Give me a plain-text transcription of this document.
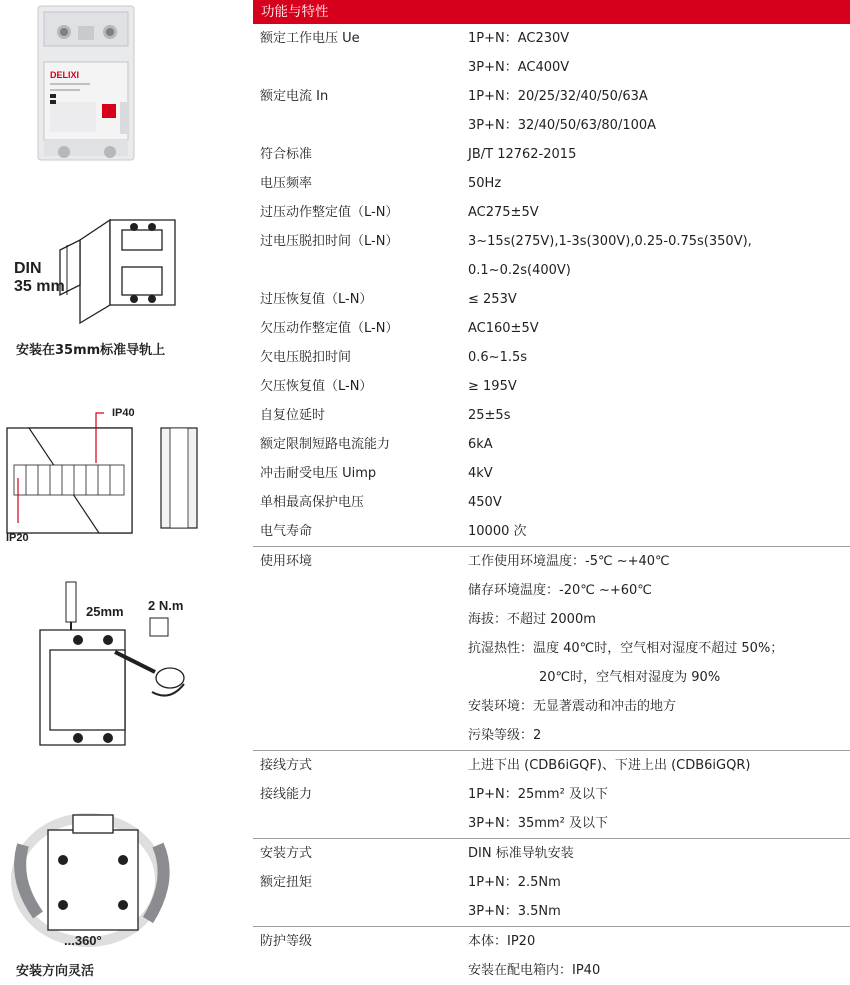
DELIXI
DIN
35 mm
安装在35mm标准导轨上
IP40
IP20
25mm 2 N.m
...360°
安装方向灵活
功能与特性
额定工作电压 Ue	1P+N：AC230V
3P+N：AC400V
额定电流 In	1P+N：20/25/32/40/50/63A
3P+N：32/40/50/63/80/100A
符合标准	JB/T 12762-2015
电压频率	50Hz
过压动作整定值（L-N）	AC275±5V
过电压脱扣时间（L-N）	3~15s(275V),1-3s(300V),0.25-0.75s(350V),
0.1~0.2s(400V)
过压恢复值（L-N）	≤ 253V
欠压动作整定值（L-N）	AC160±5V
欠电压脱扣时间	0.6~1.5s
欠压恢复值（L-N）	≥ 195V
自复位延时	25±5s
额定限制短路电流能力	6kA
冲击耐受电压 Uimp	4kV
单相最高保护电压	450V
电气寿命	10000 次
使用环境	工作使用环境温度：-5℃ ~+40℃
储存环境温度：-20℃ ~+60℃
海拔：不超过 2000m
抗湿热性：温度 40℃时，空气相对湿度不超过 50%；
20℃时，空气相对湿度为 90%
安装环境：无显著震动和冲击的地方
污染等级：2
接线方式	上进下出 (CDB6iGQF)、下进上出 (CDB6iGQR)
接线能力	1P+N：25mm² 及以下
3P+N：35mm² 及以下
安装方式	DIN 标准导轨安装
额定扭矩	1P+N：2.5Nm
3P+N：3.5Nm
防护等级	本体：IP20
安装在配电箱内：IP40
